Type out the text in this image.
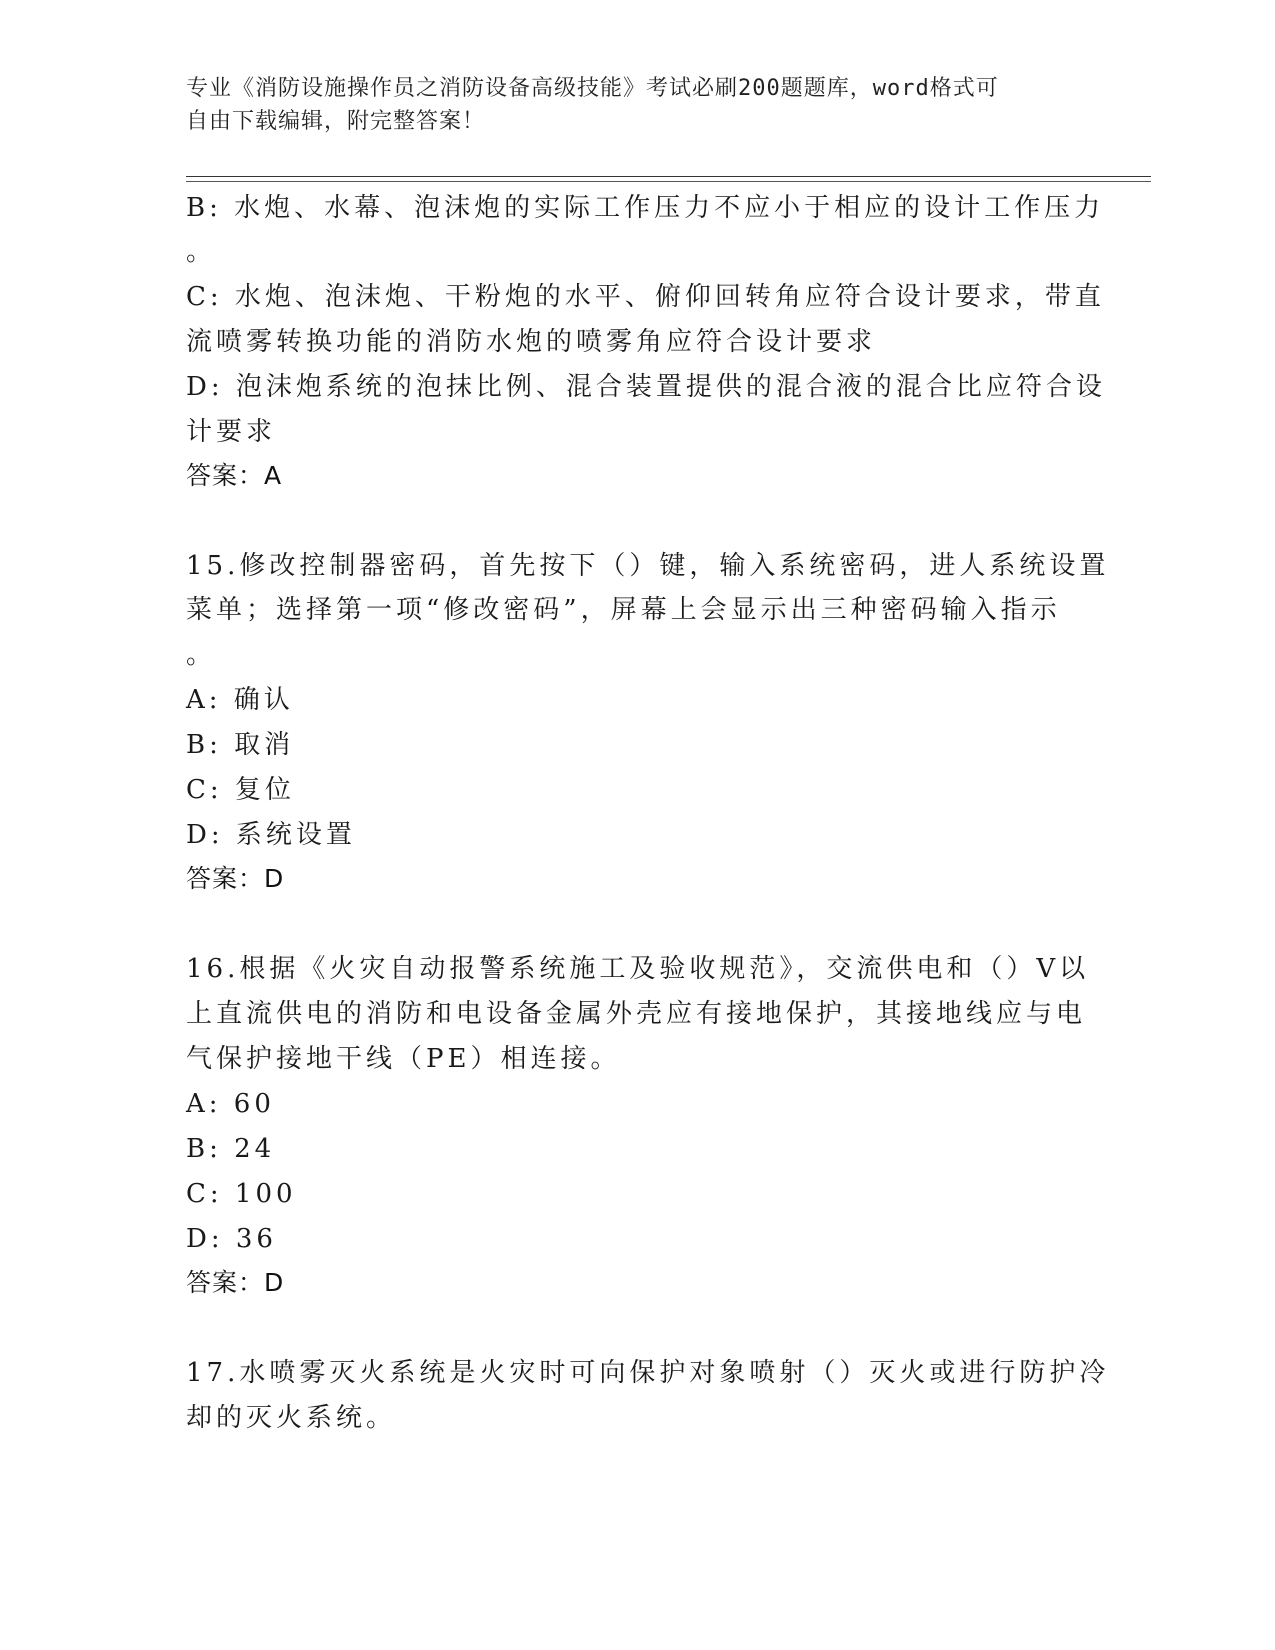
专业《消防设施操作员之消防设备高级技能》考试必刷200题题库，word格式可
自由下载编辑，附完整答案！
B: 水炮、水幕、泡沫炮的实际工作压力不应小于相应的设计工作压力
。
C: 水炮、泡沫炮、干粉炮的水平、俯仰回转角应符合设计要求，带直
流喷雾转换功能的消防水炮的喷雾角应符合设计要求
D: 泡沫炮系统的泡抹比例、混合装置提供的混合液的混合比应符合设
计要求
答案：A
15.修改控制器密码，首先按下（）键，输入系统密码，进人系统设置
菜单；选择第一项“修改密码”，屏幕上会显示出三种密码输入指示
。
A: 确认
B: 取消
C: 复位
D: 系统设置
答案：D
16.根据《火灾自动报警系统施工及验收规范》，交流供电和（）V以
上直流供电的消防和电设备金属外壳应有接地保护，其接地线应与电
气保护接地干线（PE）相连接。
A: 60
B: 24
C: 100
D: 36
答案：D
17.水喷雾灭火系统是火灾时可向保护对象喷射（）灭火或进行防护冷
却的灭火系统。
